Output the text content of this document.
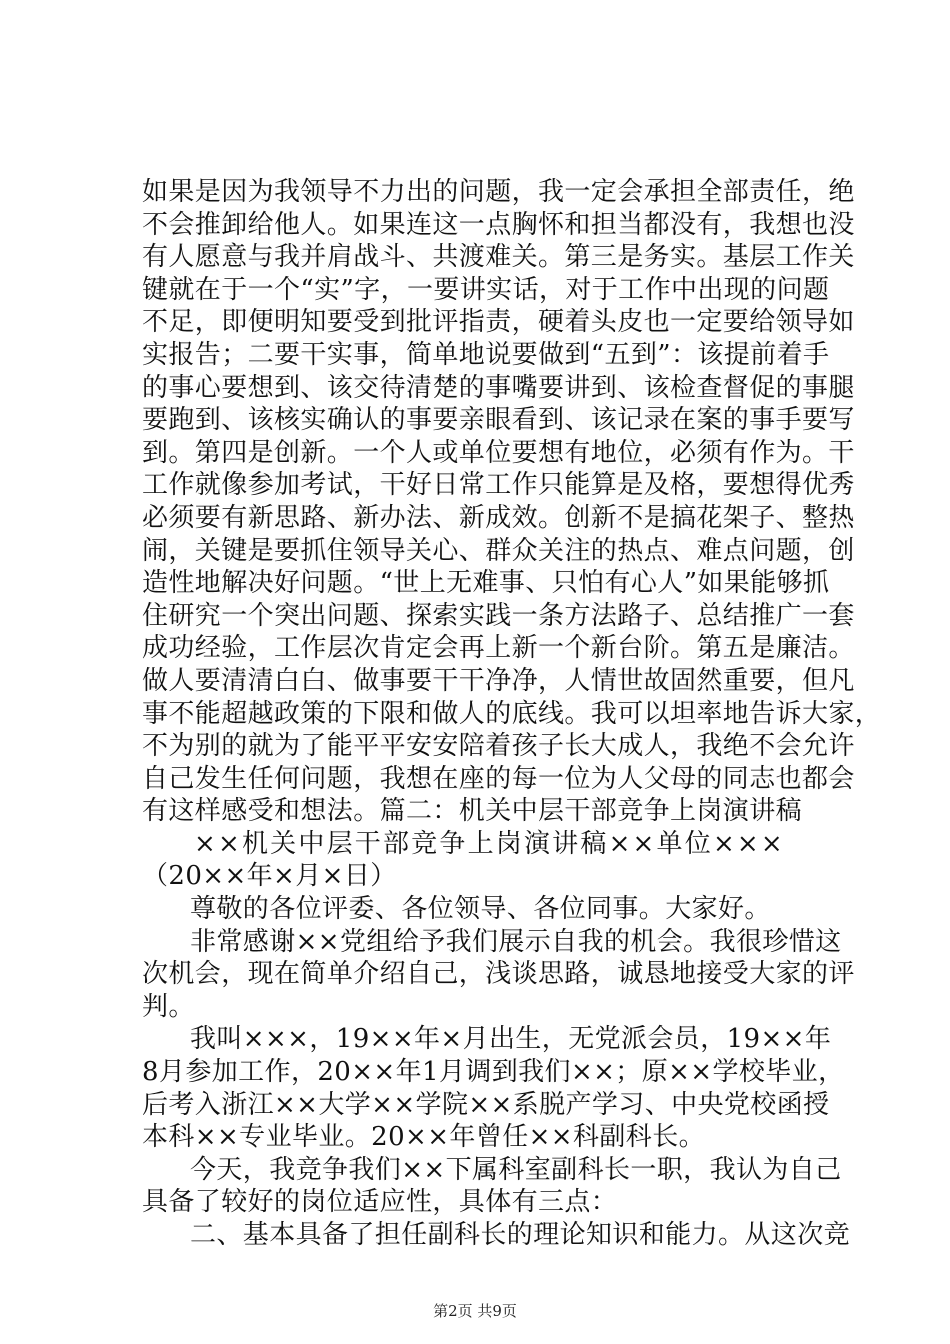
如果是因为我领导不力出的问题，我一定会承担全部责任，绝
不会推卸给他人。如果连这一点胸怀和担当都没有，我想也没
有人愿意与我并肩战斗、共渡难关。第三是务实。基层工作关
键就在于一个“实”字，一要讲实话，对于工作中出现的问题
不足，即便明知要受到批评指责，硬着头皮也一定要给领导如
实报告；二要干实事，简单地说要做到“五到”：该提前着手
的事心要想到、该交待清楚的事嘴要讲到、该检查督促的事腿
要跑到、该核实确认的事要亲眼看到、该记录在案的事手要写
到。第四是创新。一个人或单位要想有地位，必须有作为。干
工作就像参加考试，干好日常工作只能算是及格，要想得优秀
必须要有新思路、新办法、新成效。创新不是搞花架子、整热
闹，关键是要抓住领导关心、群众关注的热点、难点问题，创
造性地解决好问题。“世上无难事、只怕有心人”如果能够抓
住研究一个突出问题、探索实践一条方法路子、总结推广一套
成功经验，工作层次肯定会再上新一个新台阶。第五是廉洁。
做人要清清白白、做事要干干净净，人情世故固然重要，但凡
事不能超越政策的下限和做人的底线。我可以坦率地告诉大家，
不为别的就为了能平平安安陪着孩子长大成人，我绝不会允许
自己发生任何问题，我想在座的每一位为人父母的同志也都会
有这样感受和想法。篇二：机关中层干部竞争上岗演讲稿
××机关中层干部竞争上岗演讲稿××单位×××
（20××年×月×日）
尊敬的各位评委、各位领导、各位同事。大家好。
非常感谢××党组给予我们展示自我的机会。我很珍惜这
次机会，现在简单介绍自己，浅谈思路，诚恳地接受大家的评
判。
我叫×××，19××年×月出生，无党派会员，19××年
8月参加工作，20××年1月调到我们××；原××学校毕业，
后考入浙江××大学××学院××系脱产学习、中央党校函授
本科××专业毕业。20××年曾任××科副科长。
今天，我竞争我们××下属科室副科长一职，我认为自己
具备了较好的岗位适应性，具体有三点：
二、基本具备了担任副科长的理论知识和能力。从这次竞
第2页 共9页
